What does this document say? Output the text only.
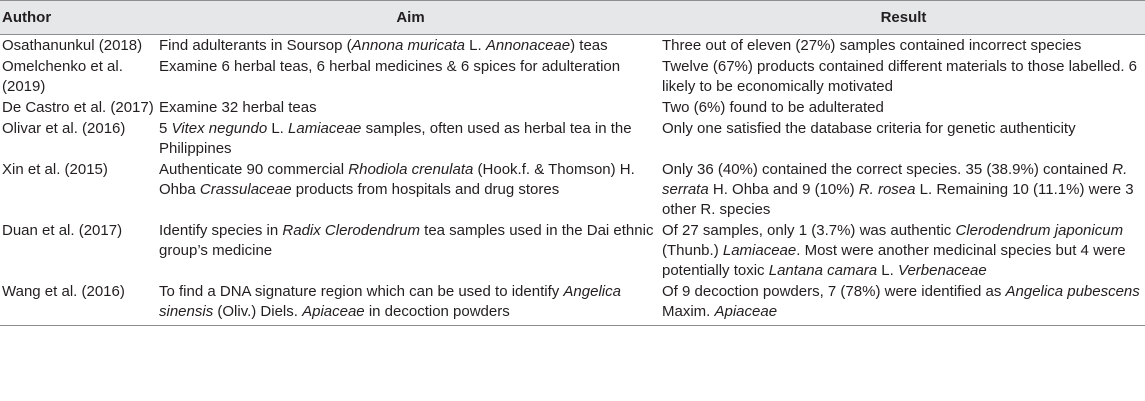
Author	Aim	Result
Osathanunkul (2018)	Find adulterants in Soursop (Annona muricata L. Annonaceae) teas	Three out of eleven (27%) samples contained incorrect species
Omelchenko et al. (2019)	Examine 6 herbal teas, 6 herbal medicines & 6 spices for adulteration	Twelve (67%) products contained different materials to those labelled. 6 likely to be economically motivated
De Castro et al. (2017)	Examine 32 herbal teas	Two (6%) found to be adulterated
Olivar et al. (2016)	5 Vitex negundo L. Lamiaceae samples, often used as herbal tea in the Philippines	Only one satisfied the database criteria for genetic authenticity
Xin et al. (2015)	Authenticate 90 commercial Rhodiola crenulata (Hook.f. & Thomson) H. Ohba Crassulaceae products from hospitals and drug stores	Only 36 (40%) contained the correct species. 35 (38.9%) contained R. serrata H. Ohba and 9 (10%) R. rosea L. Remaining 10 (11.1%) were 3 other R. species
Duan et al. (2017)	Identify species in Radix Clerodendrum tea samples used in the Dai ethnic group’s medicine	Of 27 samples, only 1 (3.7%) was authentic Clerodendrum japonicum (Thunb.) Lamiaceae. Most were another medicinal species but 4 were potentially toxic Lantana camara L. Verbenaceae
Wang et al. (2016)	To find a DNA signature region which can be used to identify Angelica sinensis (Oliv.) Diels. Apiaceae in decoction powders	Of 9 decoction powders, 7 (78%) were identified as Angelica pubescens Maxim. Apiaceae
